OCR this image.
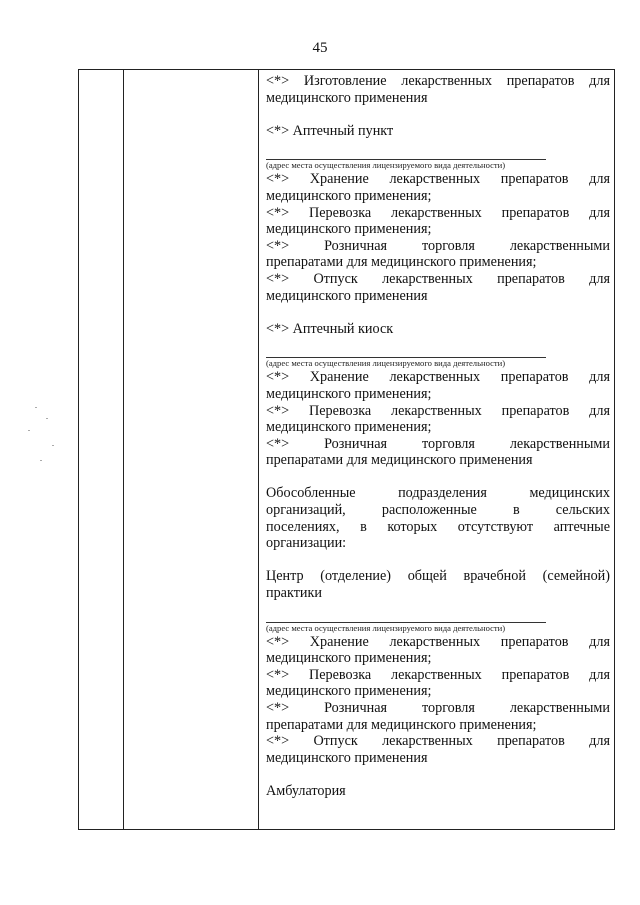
45
<*> Изготовление лекарственных препаратов для
медицинского применения
<*> Аптечный пункт
(адрес места осуществления лицензируемого вида деятельности)
<*> Хранение лекарственных препаратов для
медицинского применения;
<*> Перевозка лекарственных препаратов для
медицинского применения;
<*> Розничная торговля лекарственными
препаратами для медицинского применения;
<*> Отпуск лекарственных препаратов для
медицинского применения
<*> Аптечный киоск
(адрес места осуществления лицензируемого вида деятельности)
<*> Хранение лекарственных препаратов для
медицинского применения;
<*> Перевозка лекарственных препаратов для
медицинского применения;
<*> Розничная торговля лекарственными
препаратами для медицинского применения
Обособленные подразделения медицинских
организаций, расположенные в сельских
поселениях, в которых отсутствуют аптечные
организации:
Центр (отделение) общей врачебной (семейной)
практики
(адрес места осуществления лицензируемого вида деятельности)
<*> Хранение лекарственных препаратов для
медицинского применения;
<*> Перевозка лекарственных препаратов для
медицинского применения;
<*> Розничная торговля лекарственными
препаратами для медицинского применения;
<*> Отпуск лекарственных препаратов для
медицинского применения
Амбулатория
